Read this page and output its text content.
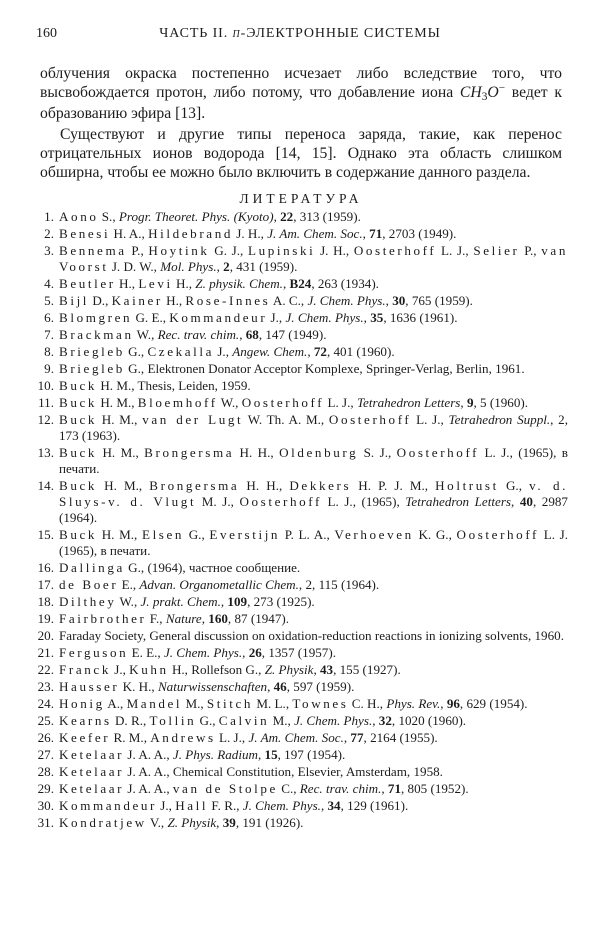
160	ЧАСТЬ II. π-ЭЛЕКТРОННЫЕ СИСТЕМЫ

облучения окраска постепенно исчезает либо вследствие того, что высвобождается протон, либо потому, что добавление иона CH3O− ведет к образованию эфира [13].

Существуют и другие типы переноса заряда, такие, как перенос отрицательных ионов водорода [14, 15]. Однако эта область слишком обширна, чтобы ее можно было включить в содержание данного раздела.

ЛИТЕРАТУРА
1. Aono S., Progr. Theoret. Phys. (Kyoto), 22, 313 (1959).
2. Benesi H. A., Hildebrand J. H., J. Am. Chem. Soc., 71, 2703 (1949).
3. Bennema P., Hoytink G. J., Lupinski J. H., Oosterhoff L. J., Selier P., van Voorst J. D. W., Mol. Phys., 2, 431 (1959).
4. Beutler H., Levi H., Z. physik. Chem., B24, 263 (1934).
5. Bijl D., Kainer H., Rose-Innes A. C., J. Chem. Phys., 30, 765 (1959).
6. Blomgren G. E., Kommandeur J., J. Chem. Phys., 35, 1636 (1961).
7. Brackman W., Rec. trav. chim., 68, 147 (1949).
8. Briegleb G., Czekalla J., Angew. Chem., 72, 401 (1960).
9. Briegleb G., Elektronen Donator Acceptor Komplexe, Springer-Verlag, Berlin, 1961.
10. Buck H. M., Thesis, Leiden, 1959.
11. Buck H. M., Bloemhoff W., Oosterhoff L. J., Tetrahedron Letters, 9, 5 (1960).
12. Buck H. M., van der Lugt W. Th. A. M., Oosterhoff L. J., Tetrahedron Suppl., 2, 173 (1963).
13. Buck H. M., Brongersma H. H., Oldenburg S. J., Oosterhoff L. J., (1965), в печати.
14. Buck H. M., Brongersma H. H., Dekkers H. P. J. M., Holtrust G., v. d. Sluys-v. d. Vlugt M. J., Oosterhoff L. J., (1965), Tetrahedron Letters, 40, 2987 (1964).
15. Buck H. M., Elsen G., Everstijn P. L. A., Verhoeven K. G., Oosterhoff L. J. (1965), в печати.
16. Dallinga G., (1964), частное сообщение.
17. de Boer E., Advan. Organometallic Chem., 2, 115 (1964).
18. Dilthey W., J. prakt. Chem., 109, 273 (1925).
19. Fairbrother F., Nature, 160, 87 (1947).
20. Faraday Society, General discussion on oxidation-reduction reactions in ionizing solvents, 1960.
21. Ferguson E. E., J. Chem. Phys., 26, 1357 (1957).
22. Franck J., Kuhn H., Rollefson G., Z. Physik, 43, 155 (1927).
23. Hausser K. H., Naturwissenschaften, 46, 597 (1959).
24. Honig A., Mandel M., Stitch M. L., Townes C. H., Phys. Rev., 96, 629 (1954).
25. Kearns D. R., Tollin G., Calvin M., J. Chem. Phys., 32, 1020 (1960).
26. Keefer R. M., Andrews L. J., J. Am. Chem. Soc., 77, 2164 (1955).
27. Ketelaar J. A. A., J. Phys. Radium, 15, 197 (1954).
28. Ketelaar J. A. A., Chemical Constitution, Elsevier, Amsterdam, 1958.
29. Ketelaar J. A. A., van de Stolpe C., Rec. trav. chim., 71, 805 (1952).
30. Kommandeur J., Hall F. R., J. Chem. Phys., 34, 129 (1961).
31. Kondratjew V., Z. Physik, 39, 191 (1926).
